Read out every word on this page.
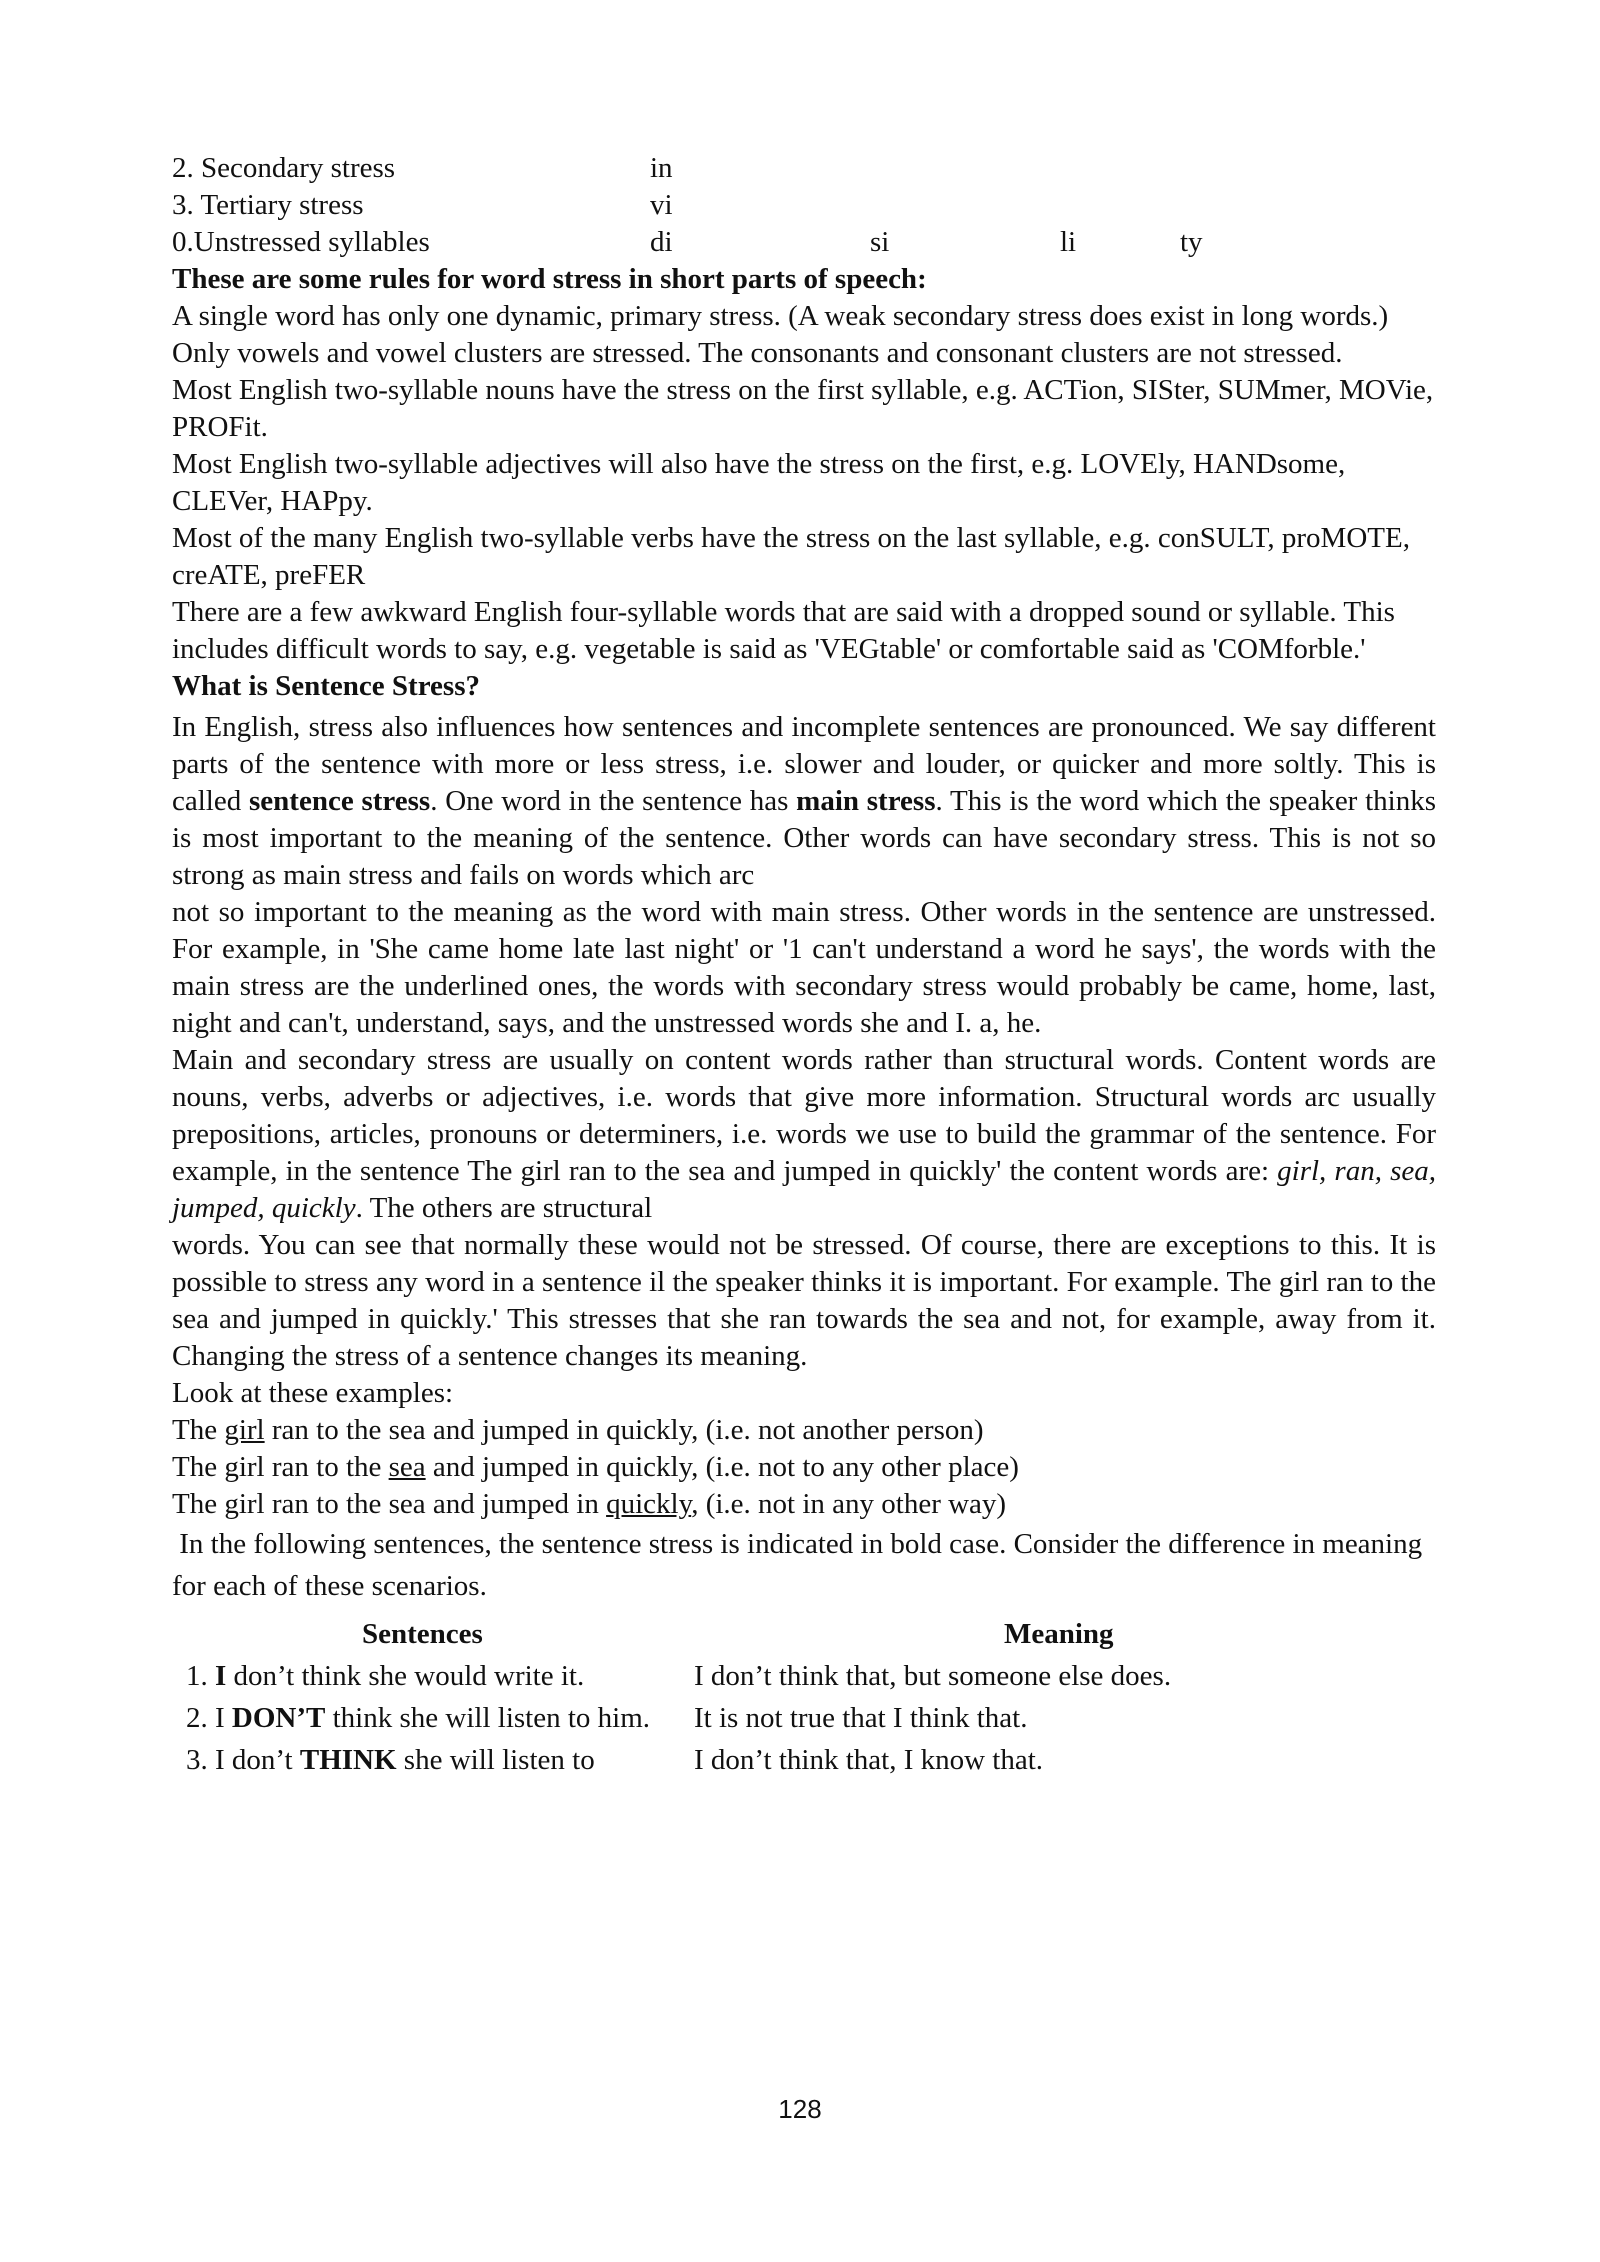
2. Secondary stress	in
3. Tertiary stress	vi
0.Unstressed syllables	di	si	li	ty

These are some rules for word stress in short parts of speech:

A single word has only one dynamic, primary stress. (A weak secondary stress does exist in long words.)

Only vowels and vowel clusters are stressed. The consonants and consonant clusters are not stressed.

Most English two-syllable nouns have the stress on the first syllable, e.g. ACTion, SISter, SUMmer, MOVie, PROFit.

Most English two-syllable adjectives will also have the stress on the first, e.g. LOVEly, HANDsome, CLEVer, HAPpy.

Most of the many English two-syllable verbs have the stress on the last syllable, e.g. conSULT, proMOTE, creATE, preFER

There are a few awkward English four-syllable words that are said with a dropped sound or syllable. This includes difficult words to say, e.g. vegetable is said as 'VEGtable' or comfortable said as 'COMforble.'

What is Sentence Stress?

In English, stress also influences how sentences and incomplete sentences are pronounced. We say different parts of the sentence with more or less stress, i.e. slower and louder, or quicker and more soltly. This is called sentence stress. One word in the sentence has main stress. This is the word which the speaker thinks is most important to the meaning of the sentence. Other words can have secondary stress. This is not so strong as main stress and fails on words which arc

not so important to the meaning as the word with main stress. Other words in the sentence are unstressed. For example, in 'She came home late last night' or '1 can't understand a word he says', the words with the main stress are the underlined ones, the words with secondary stress would probably be came, home, last, night and can't, understand, says, and the unstressed words she and I. a, he.

Main and secondary stress are usually on content words rather than structural words. Content words are nouns, verbs, adverbs or adjectives, i.e. words that give more information. Structural words arc usually prepositions, articles, pronouns or determiners, i.e. words we use to build the grammar of the sentence. For example, in the sentence The girl ran to the sea and jumped in quickly' the content words are: girl, ran, sea, jumped, quickly. The others are structural

words. You can see that normally these would not be stressed. Of course, there are exceptions to this. It is possible to stress any word in a sentence il the speaker thinks it is important. For example. The girl ran to the sea and jumped in quickly.' This stresses that she ran towards the sea and not, for example, away from it. Changing the stress of a sentence changes its meaning.

Look at these examples:

The girl ran to the sea and jumped in quickly, (i.e. not another person)

The girl ran to the sea and jumped in quickly, (i.e. not to any other place)

The girl ran to the sea and jumped in quickly, (i.e. not in any other way)

In the following sentences, the sentence stress is indicated in bold case. Consider the difference in meaning for each of these scenarios.

Sentences	Meaning
1. I don’t think she would write it.	I don’t think that, but someone else does.
2. I DON’T think she will listen to him.	It is not true that I think that.
3. I don’t THINK she will listen to	I don’t think that, I know that.
128
